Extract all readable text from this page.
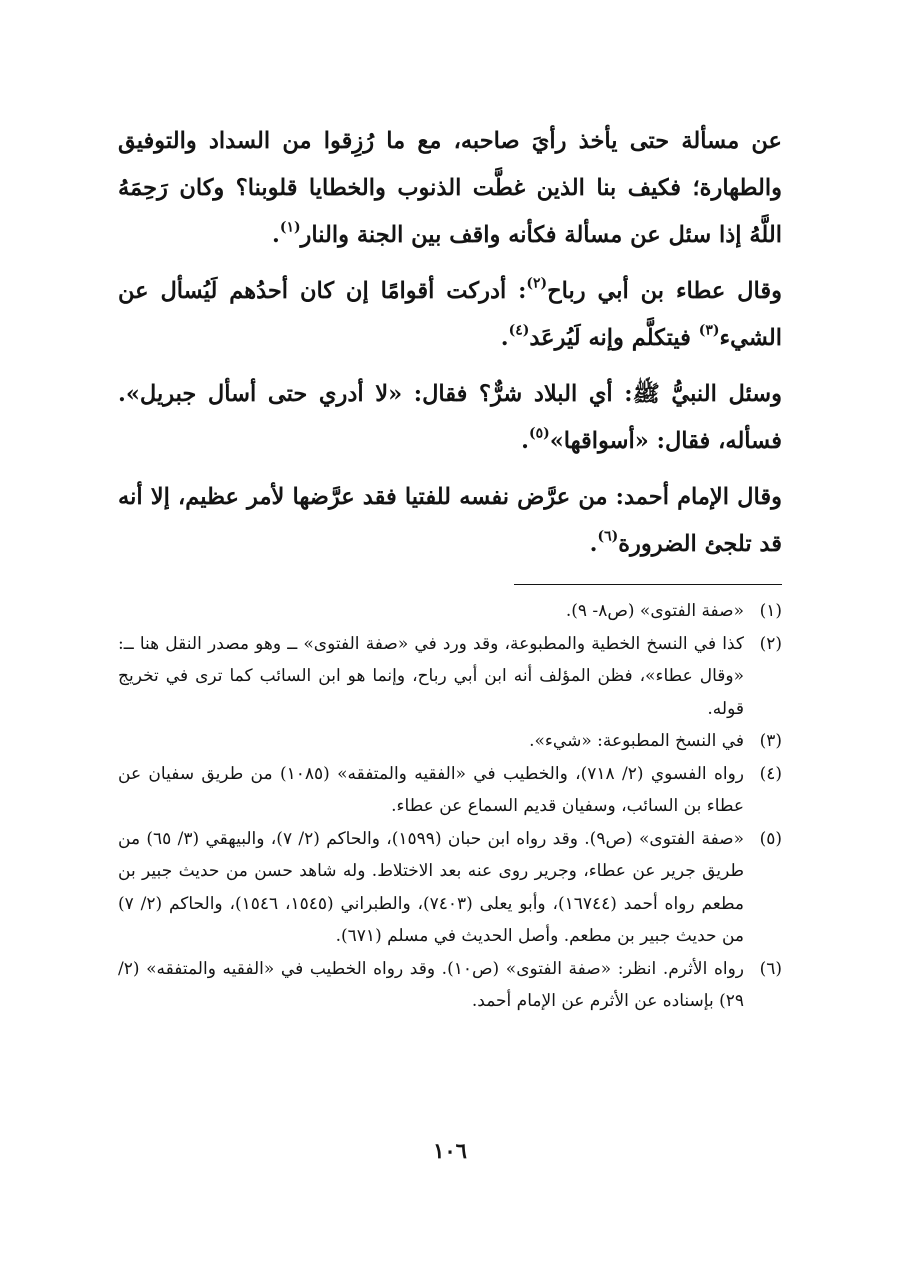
عن مسألة حتى يأخذ رأيَ صاحبه، مع ما رُزِقوا من السداد والتوفيق والطهارة؛ فكيف بنا الذين غطَّت الذنوب والخطايا قلوبنا؟ وكان رَحِمَهُ اللَّهُ إذا سئل عن مسألة فكأنه واقف بين الجنة والنار$^{(١)}$.

وقال عطاء بن أبي رباح$^{(٢)}$: أدركت أقوامًا إن كان أحدُهم لَيُسأل عن الشيء$^{(٣)}$ فيتكلَّم وإنه لَيُرعَد$^{(٤)}$.

وسئل النبيُّ ﷺ: أي البلاد شرٌّ؟ فقال: «لا أدري حتى أسأل جبريل». فسأله، فقال: «أسواقها»$^{(٥)}$.

وقال الإمام أحمد: من عرَّض نفسه للفتيا فقد عرَّضها لأمر عظيم، إلا أنه قد تلجئ الضرورة$^{(٦)}$.

(١)
«صفة الفتوى» (ص٨- ٩).
(٢)
كذا في النسخ الخطية والمطبوعة، وقد ورد في «صفة الفتوى» ــ وهو مصدر النقل هنا ــ: «وقال عطاء»، فظن المؤلف أنه ابن أبي رباح، وإنما هو ابن السائب كما ترى في تخريج قوله.
(٣)
في النسخ المطبوعة: «شيء».
(٤)
رواه الفسوي (٢/ ٧١٨)، والخطيب في «الفقيه والمتفقه» (١٠٨٥) من طريق سفيان عن عطاء بن السائب، وسفيان قديم السماع عن عطاء.
(٥)
«صفة الفتوى» (ص٩). وقد رواه ابن حبان (١٥٩٩)، والحاكم (٢/ ٧)، والبيهقي (٣/ ٦٥) من طريق جرير عن عطاء، وجرير روى عنه بعد الاختلاط. وله شاهد حسن من حديث جبير بن مطعم رواه أحمد (١٦٧٤٤)، وأبو يعلى (٧٤٠٣)، والطبراني (١٥٤٥، ١٥٤٦)، والحاكم (٢/ ٧) من حديث جبير بن مطعم. وأصل الحديث في مسلم (٦٧١).
(٦)
رواه الأثرم. انظر: «صفة الفتوى» (ص١٠). وقد رواه الخطيب في «الفقيه والمتفقه» (٢/ ٢٩) بإسناده عن الأثرم عن الإمام أحمد.
١٠٦
